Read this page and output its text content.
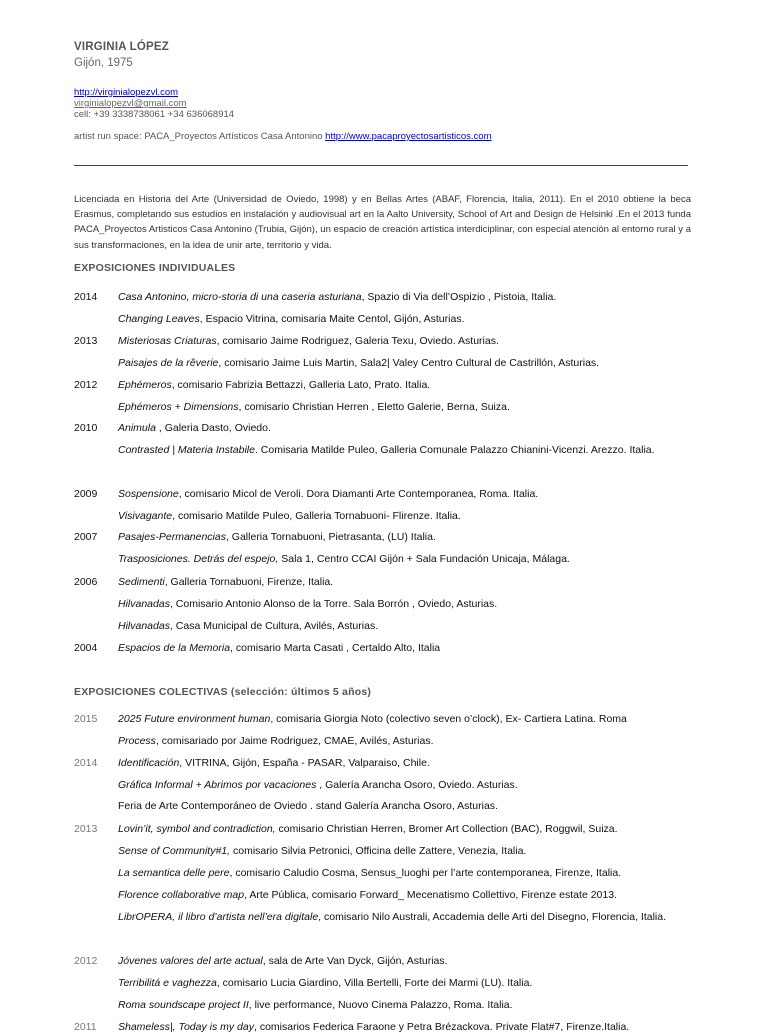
VIRGINIA LÓPEZ
Gijón, 1975
http://virginialopezvl.com
virginialopezvl@gmail.com
cell: +39 3338738061 +34 636068914
artist run space: PACA_Proyectos Artísticos Casa Antonino http://www.pacaproyectosartisticos.com
Licenciada en Historia del Arte (Universidad de Oviedo, 1998) y en Bellas Artes (ABAF, Florencia, Italia, 2011). En el 2010 obtiene la beca Erasmus, completando sus estudios en instalación y audiovisual art en la Aalto University, School of Art and Design de Helsinki .En el 2013 funda PACA_Proyectos Artisticos Casa Antonino (Trubia, Gijón), un espacio de creación artística interdiciplinar, con especial atención al entorno rural y a sus transformaciones, en la idea de unir arte, territorio y vida.
EXPOSICIONES INDIVIDUALES
2014 Casa Antonino, micro-storia di una caseria asturiana, Spazio di Via dell’Ospizio , Pistoia, Italia.
Changing Leaves, Espacio Vitrina, comisaria Maite Centol, Gijón, Asturias.
2013 Misteriosas Criaturas, comisario Jaime Rodriguez, Galeria Texu, Oviedo. Asturias.
Paisajes de la rêverie, comisario Jaime Luis Martin, Sala2| Valey Centro Cultural de Castrillón, Asturias.
2012 Ephémeros, comisario Fabrizia Bettazzi, Galleria Lato, Prato. Italia.
Ephémeros + Dimensions, comisario Christian Herren , Eletto Galerie, Berna, Suiza.
2010 Animula , Galeria Dasto, Oviedo.
Contrasted | Materia Instabile. Comisaria Matilde Puleo, Galleria Comunale Palazzo Chianini-Vicenzi. Arezzo. Italia.
2009 Sospensione, comisario Micol de Veroli. Dora Diamanti Arte Contemporanea, Roma. Italia.
Visivagante, comisario Matilde Puleo, Galleria Tornabuoni- Flirenze. Italia.
2007 Pasajes-Permanencias, Galleria Tornabuoni, Pietrasanta, (LU) Italia.
Trasposiciones. Detrás del espejo, Sala 1, Centro CCAI Gijón + Sala Fundación Unicaja, Málaga.
2006 Sedimenti, Galleria Tornabuoni, Firenze, Italia.
Hilvanadas, Comisario Antonio Alonso de la Torre. Sala Borrón , Oviedo, Asturias.
Hilvanadas, Casa Municipal de Cultura, Avilés, Asturias.
2004 Espacios de la Memoria, comisario Marta Casati , Certaldo Alto, Italia
EXPOSICIONES COLECTIVAS (selección: últimos 5 años)
2015 2025 Future environment human, comisaria Giorgia Noto (colectivo seven o’clock), Ex- Cartiera Latina. Roma
Process, comisariado por Jaime Rodriguez, CMAE, Avilés, Asturias.
2014 Identificación, VITRINA, Gijón, España - PASAR, Valparaiso, Chile.
Gráfica Informal + Abrimos por vacaciones , Galería Arancha Osoro, Oviedo. Asturias.
Feria de Arte Contemporáneo de Oviedo . stand Galería Arancha Osoro, Asturias.
2013 Lovin’it, symbol and contradiction, comisario Christian Herren, Bromer Art Collection (BAC), Roggwil, Suiza.
Sense of Community#1, comisario Silvia Petronici, Officina delle Zattere, Venezia, Italia.
La semantica delle pere, comisario Caludio Cosma, Sensus_luoghi per l’arte contemporanea, Firenze, Italia.
Florence collaborative map, Arte Pública, comisario Forward_ Mecenatismo Collettivo, Firenze estate 2013.
LibrOPERA, il libro d’artista nell’era digitale, comisario Nilo Australi, Accademia delle Arti del Disegno, Florencia, Italia.
2012 Jóvenes valores del arte actual, sala de Arte Van Dyck, Gijón, Asturias.
Terribilitá e vaghezza, comisario Lucia Giardino, Villa Bertelli, Forte dei Marmi (LU). Italia.
Roma soundscape project II, live performance, Nuovo Cinema Palazzo, Roma. Italia.
2011 Shameless|, Today is my day, comisarios Federica Faraone y Petra Brézackova. Private Flat#7, Firenze.Italia.
